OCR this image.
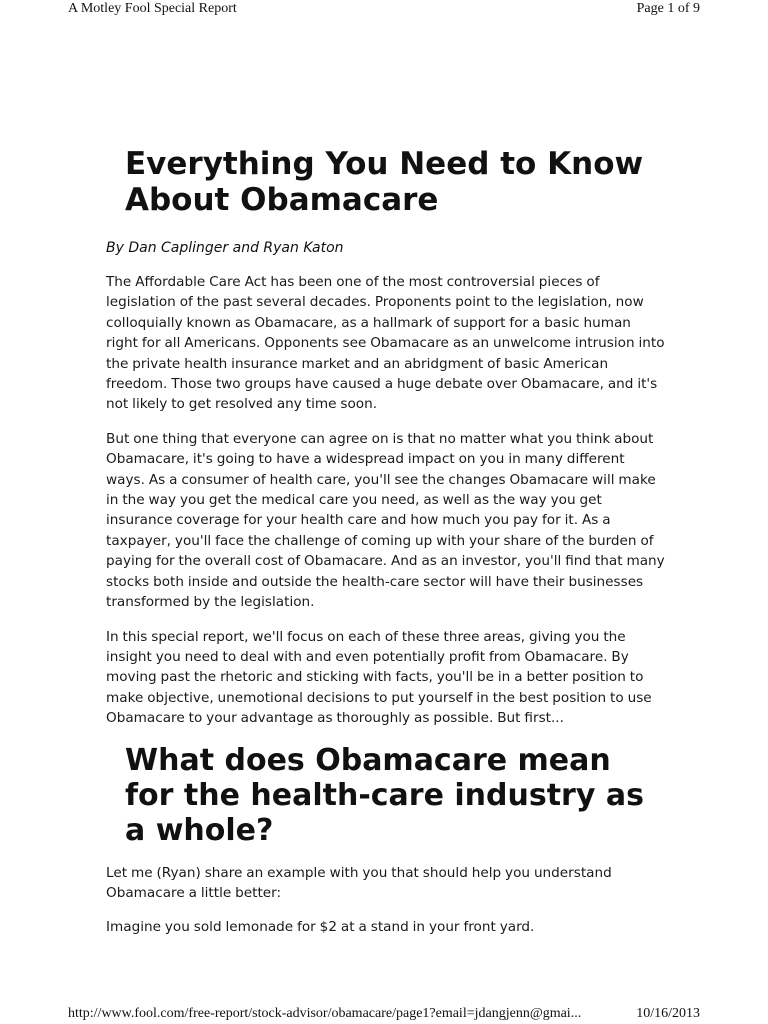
A Motley Fool Special Report	Page 1 of 9
Everything You Need to Know About Obamacare

By Dan Caplinger and Ryan Katon

The Affordable Care Act has been one of the most controversial pieces of legislation of the past several decades. Proponents point to the legislation, now colloquially known as Obamacare, as a hallmark of support for a basic human right for all Americans. Opponents see Obamacare as an unwelcome intrusion into the private health insurance market and an abridgment of basic American freedom. Those two groups have caused a huge debate over Obamacare, and it's not likely to get resolved any time soon.

But one thing that everyone can agree on is that no matter what you think about Obamacare, it's going to have a widespread impact on you in many different ways. As a consumer of health care, you'll see the changes Obamacare will make in the way you get the medical care you need, as well as the way you get insurance coverage for your health care and how much you pay for it. As a taxpayer, you'll face the challenge of coming up with your share of the burden of paying for the overall cost of Obamacare. And as an investor, you'll find that many stocks both inside and outside the health-care sector will have their businesses transformed by the legislation.

In this special report, we'll focus on each of these three areas, giving you the insight you need to deal with and even potentially profit from Obamacare. By moving past the rhetoric and sticking with facts, you'll be in a better position to make objective, unemotional decisions to put yourself in the best position to use Obamacare to your advantage as thoroughly as possible. But first...

What does Obamacare mean for the health-care industry as a whole?

Let me (Ryan) share an example with you that should help you understand Obamacare a little better:

Imagine you sold lemonade for $2 at a stand in your front yard.

http://www.fool.com/free-report/stock-advisor/obamacare/page1?email=jdangjenn@gmai...	10/16/2013
